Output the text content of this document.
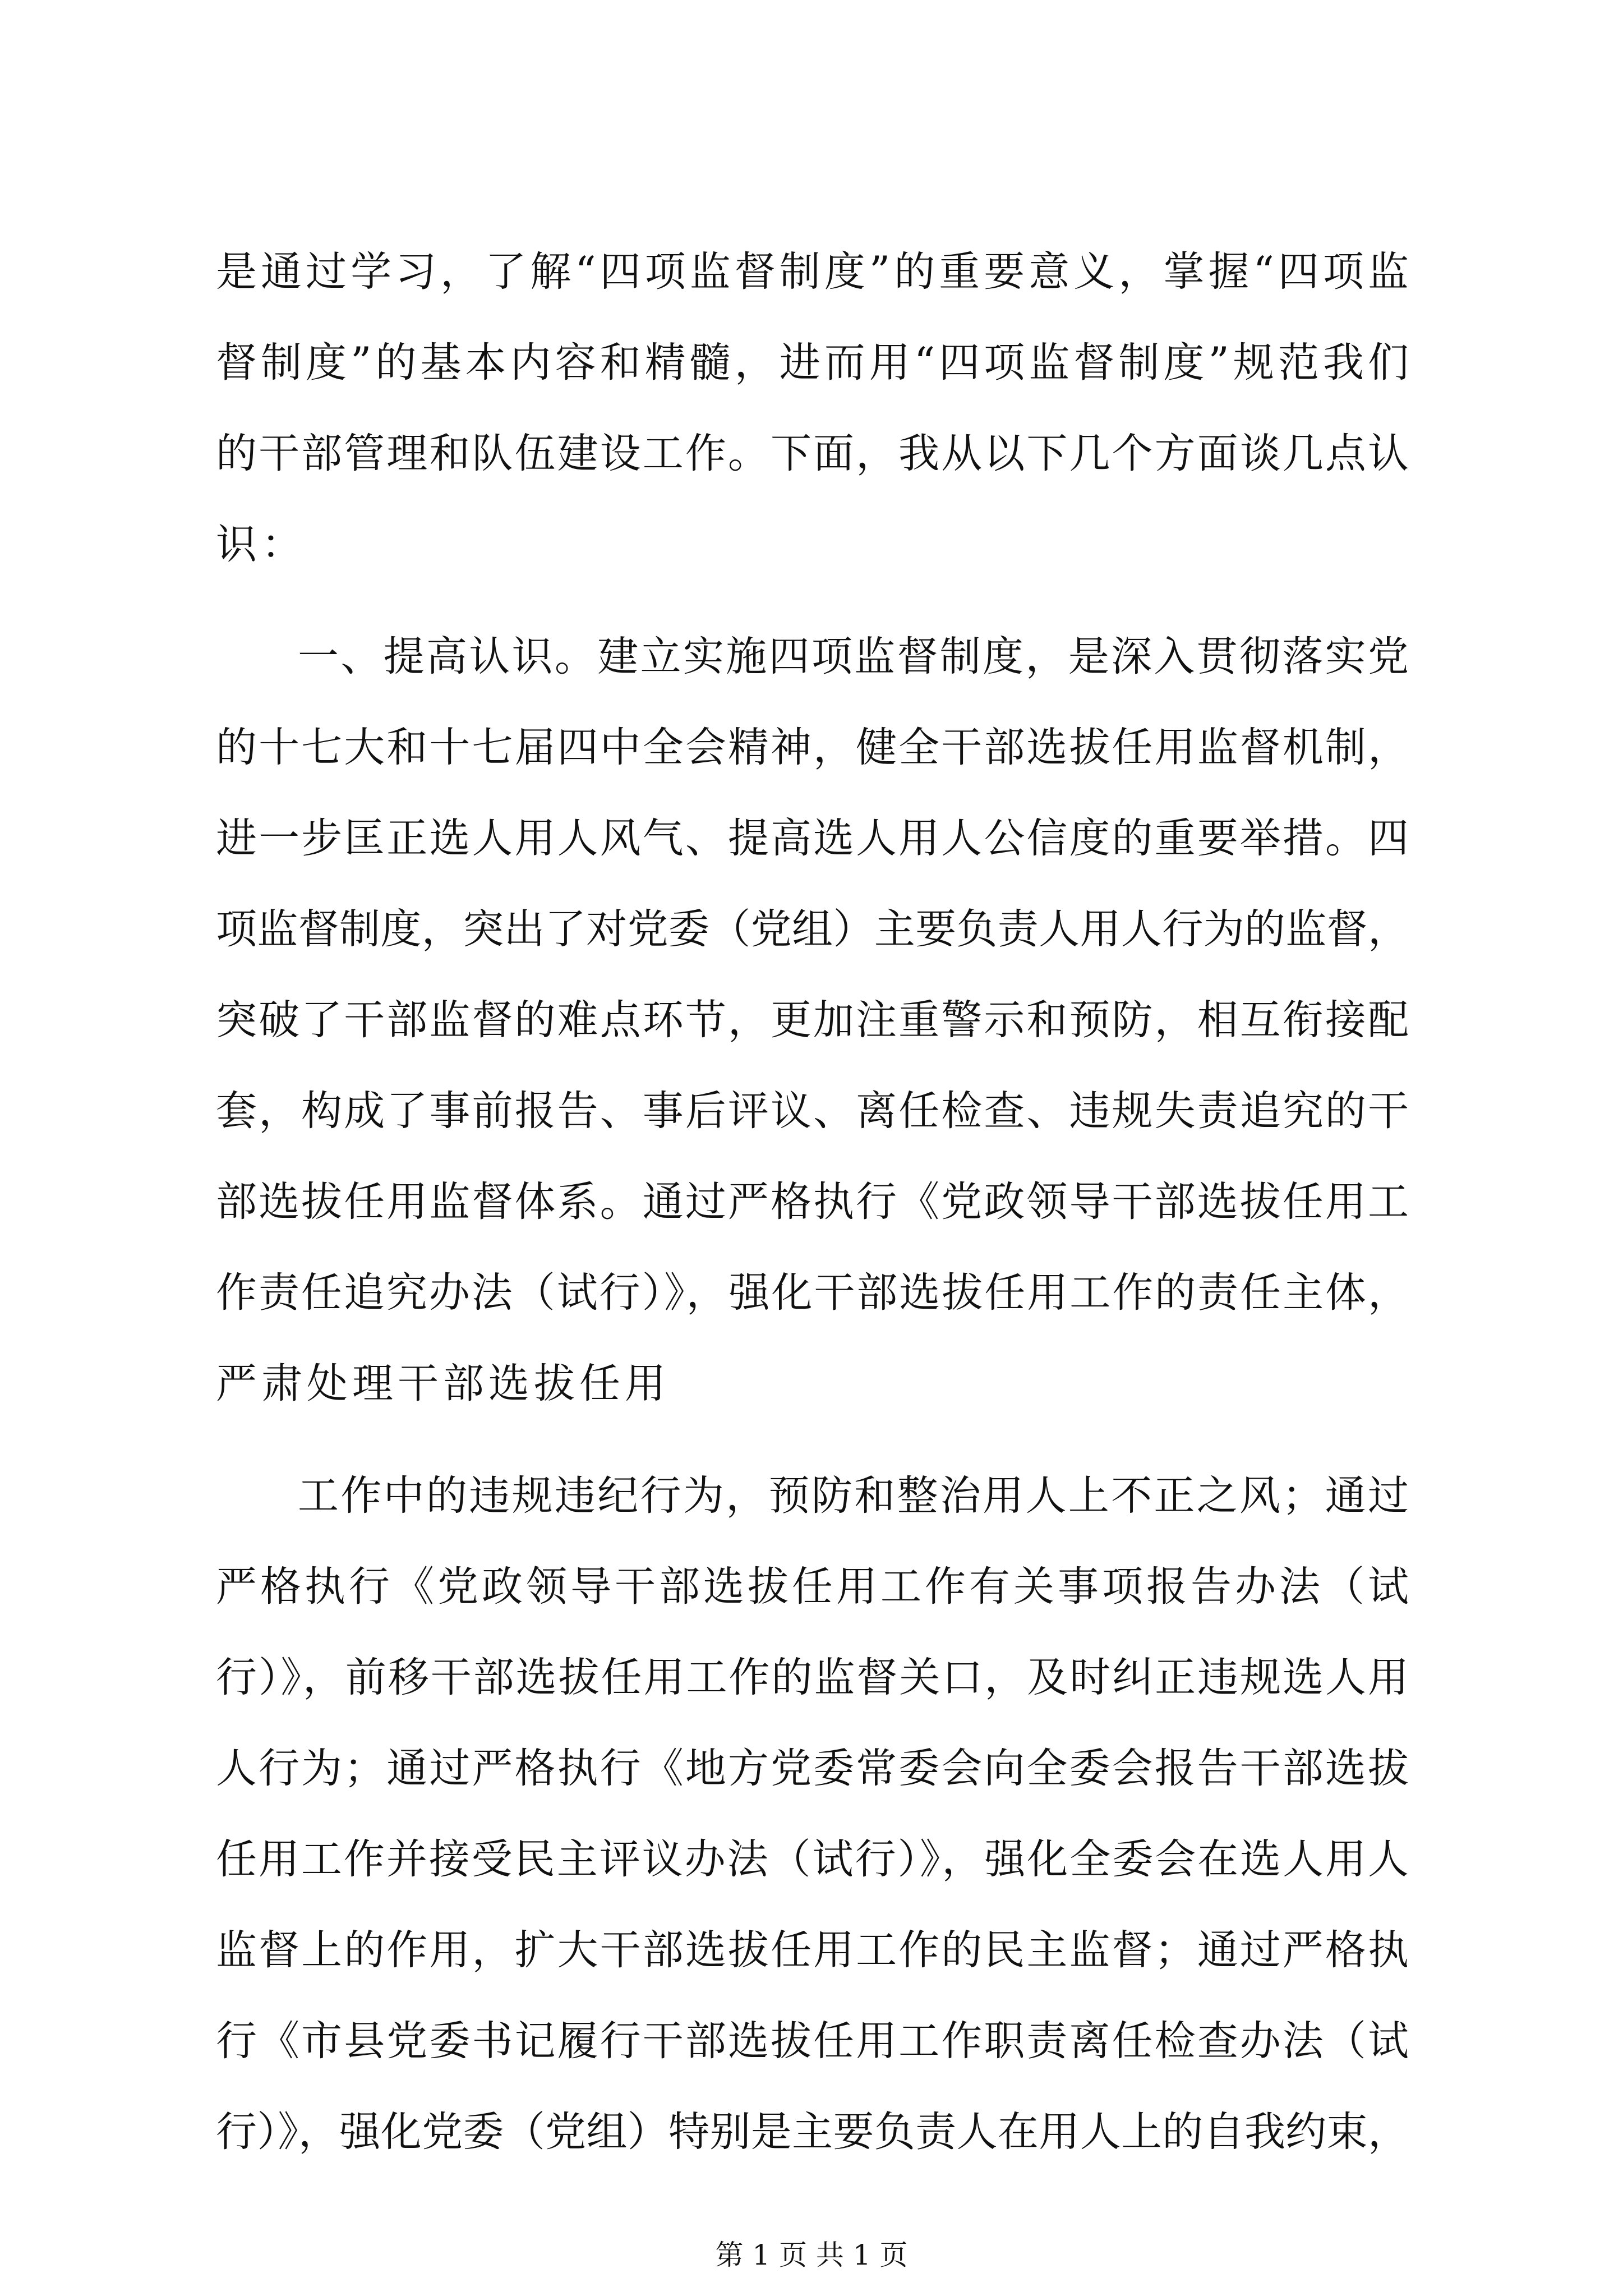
是通过学习，了解“四项监督制度”的重要意义，掌握“四项监
督制度”的基本内容和精髓，进而用“四项监督制度”规范我们
的干部管理和队伍建设工作。下面，我从以下几个方面谈几点认
识：
一、提高认识。建立实施四项监督制度，是深入贯彻落实党
的十七大和十七届四中全会精神，健全干部选拔任用监督机制，
进一步匡正选人用人风气、提高选人用人公信度的重要举措。四
项监督制度，突出了对党委（党组）主要负责人用人行为的监督，
突破了干部监督的难点环节，更加注重警示和预防，相互衔接配
套，构成了事前报告、事后评议、离任检查、违规失责追究的干
部选拔任用监督体系。通过严格执行《党政领导干部选拔任用工
作责任追究办法（试行）》，强化干部选拔任用工作的责任主体，
严肃处理干部选拔任用
工作中的违规违纪行为，预防和整治用人上不正之风；通过
严格执行《党政领导干部选拔任用工作有关事项报告办法（试
行）》，前移干部选拔任用工作的监督关口，及时纠正违规选人用
人行为；通过严格执行《地方党委常委会向全委会报告干部选拔
任用工作并接受民主评议办法（试行）》，强化全委会在选人用人
监督上的作用，扩大干部选拔任用工作的民主监督；通过严格执
行《市县党委书记履行干部选拔任用工作职责离任检查办法（试
行）》，强化党委（党组）特别是主要负责人在用人上的自我约束，
第 1 页 共 1 页
